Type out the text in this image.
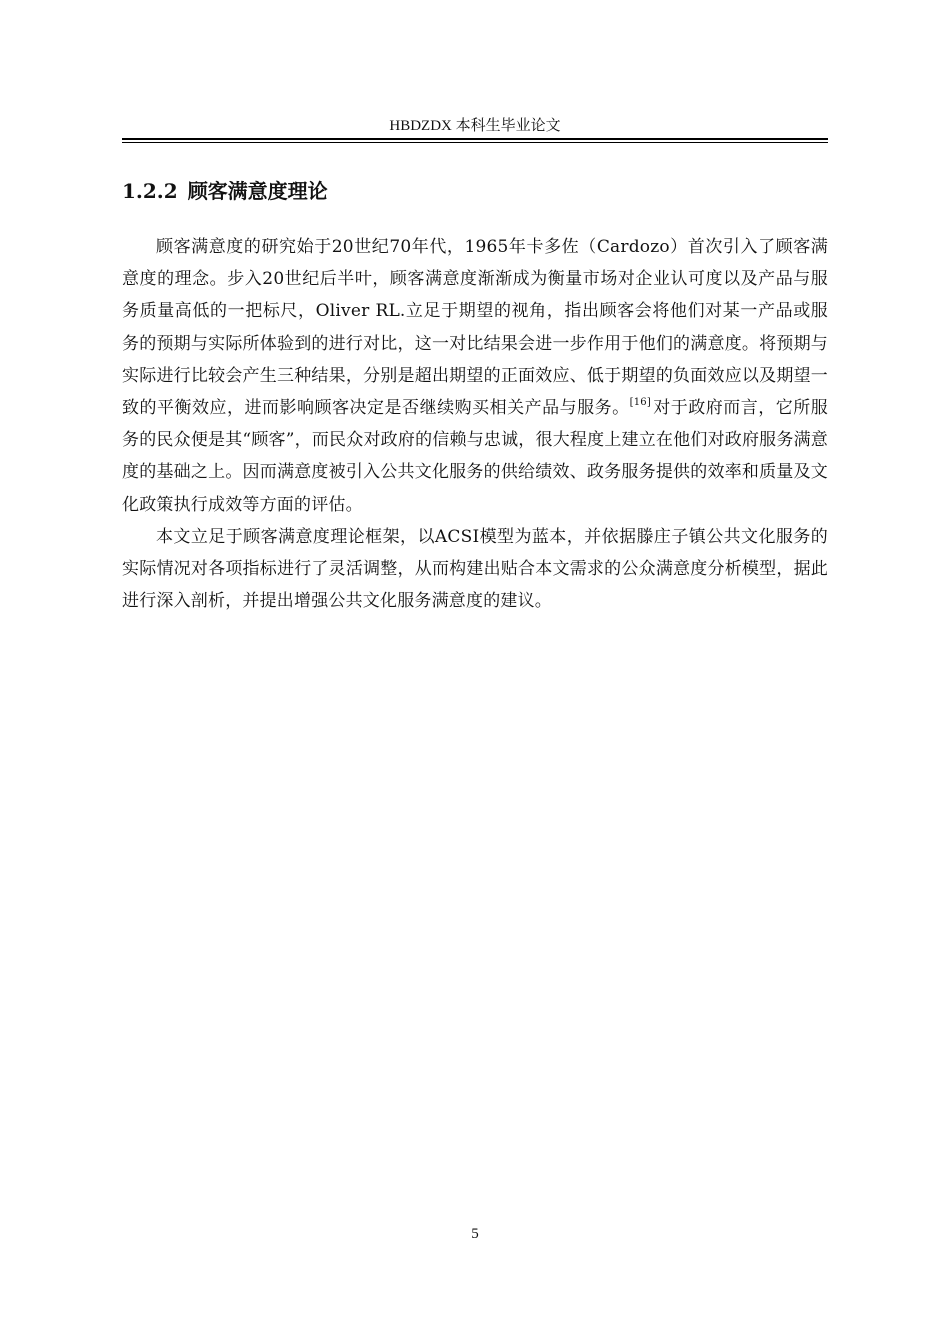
HBDZDX 本科生毕业论文
1.2.2 顾客满意度理论

顾客满意度的研究始于20世纪70年代，1965年卡多佐（Cardozo）首次引入了顾客满意度的理念。步入20世纪后半叶，顾客满意度渐渐成为衡量市场对企业认可度以及产品与服务质量高低的一把标尺，Oliver RL.立足于期望的视角，指出顾客会将他们对某一产品或服务的预期与实际所体验到的进行对比，这一对比结果会进一步作用于他们的满意度。将预期与实际进行比较会产生三种结果，分别是超出期望的正面效应、低于期望的负面效应以及期望一致的平衡效应，进而影响顾客决定是否继续购买相关产品与服务。[16] 对于政府而言，它所服务的民众便是其“顾客”，而民众对政府的信赖与忠诚，很大程度上建立在他们对政府服务满意度的基础之上。因而满意度被引入公共文化服务的供给绩效、政务服务提供的效率和质量及文化政策执行成效等方面的评估。

本文立足于顾客满意度理论框架，以ACSI模型为蓝本，并依据滕庄子镇公共文化服务的实际情况对各项指标进行了灵活调整，从而构建出贴合本文需求的公众满意度分析模型，据此进行深入剖析，并提出增强公共文化服务满意度的建议。

5
